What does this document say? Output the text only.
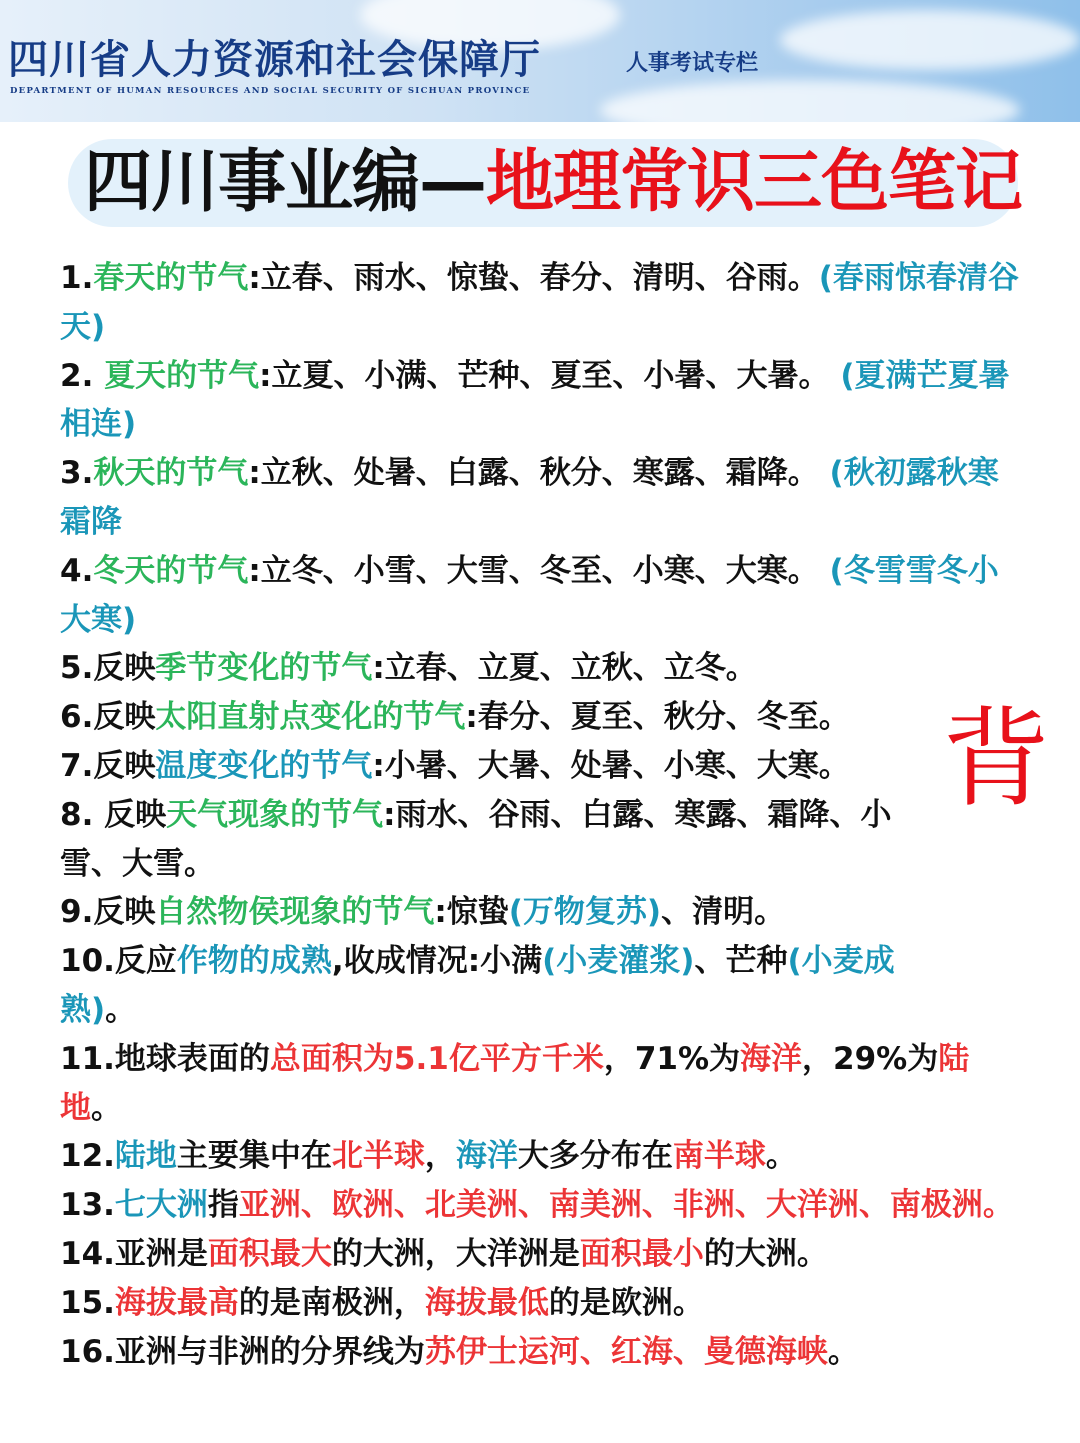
四川省人力资源和社会保障厅
DEPARTMENT OF HUMAN RESOURCES AND SOCIAL SECURITY OF SICHUAN PROVINCE
人事考试专栏
四川事业编—地理常识三色笔记
1.春天的节气:立春、雨水、惊蛰、春分、清明、谷雨。(春雨惊春清谷天)
2. 夏天的节气:立夏、小满、芒种、夏至、小暑、大暑。 (夏满芒夏暑相连)
3.秋天的节气:立秋、处暑、白露、秋分、寒露、霜降。 (秋初露秋寒霜降
4.冬天的节气:立冬、小雪、大雪、冬至、小寒、大寒。 (冬雪雪冬小大寒)
5.反映季节变化的节气:立春、立夏、立秋、立冬。
6.反映太阳直射点变化的节气:春分、夏至、秋分、冬至。
7.反映温度变化的节气:小暑、大暑、处暑、小寒、大寒。
8. 反映天气现象的节气:雨水、谷雨、白露、寒露、霜降、小雪、大雪。
9.反映自然物侯现象的节气:惊蛰(万物复苏)、清明。
10.反应作物的成熟,收成情况:小满(小麦灌浆)、芒种(小麦成熟)。
11.地球表面的总面积为5.1亿平方千米，71%为海洋，29%为陆地。
12.陆地主要集中在北半球，海洋大多分布在南半球。
13.七大洲指亚洲、欧洲、北美洲、南美洲、非洲、大洋洲、南极洲。
14.亚洲是面积最大的大洲，大洋洲是面积最小的大洲。
15.海拔最高的是南极洲，海拔最低的是欧洲。
16.亚洲与非洲的分界线为苏伊士运河、红海、曼德海峡。
背
